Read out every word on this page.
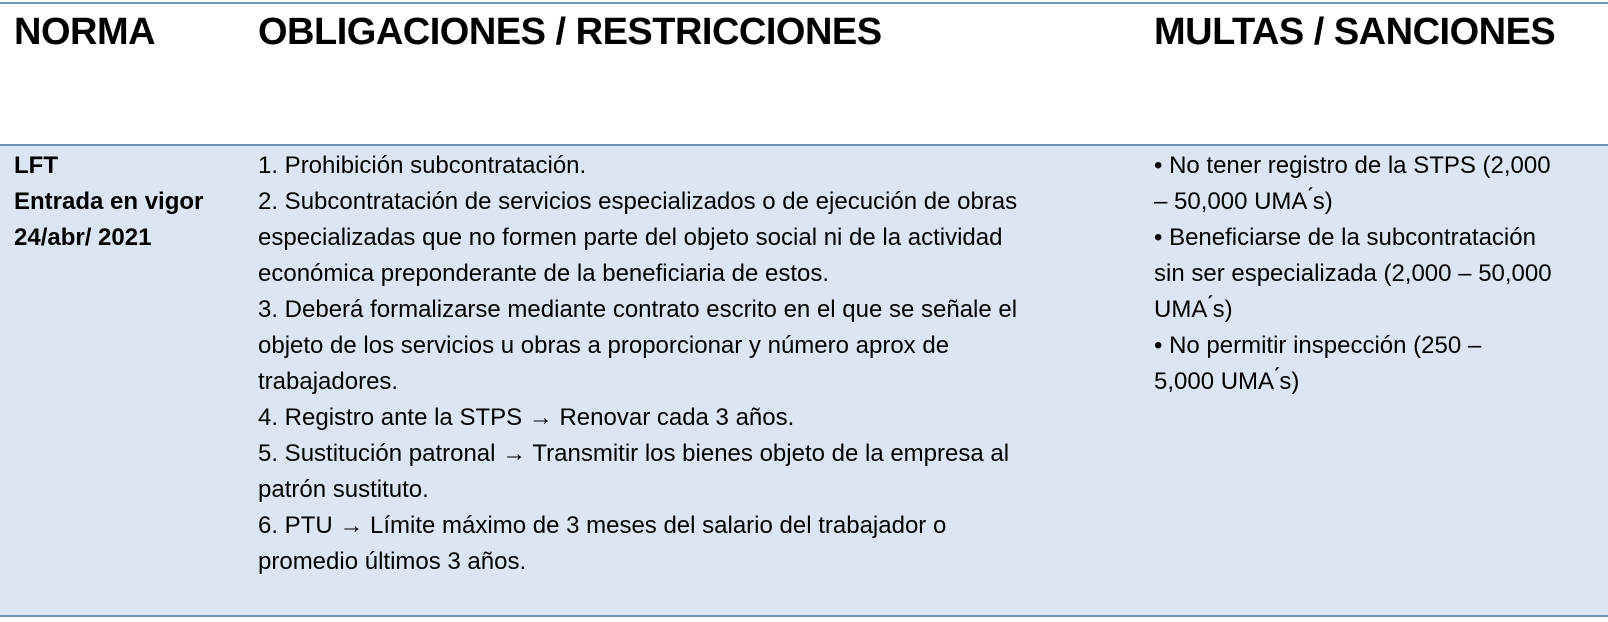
NORMA	OBLIGACIONES / RESTRICCIONES	MULTAS / SANCIONES
LFT
Entrada en vigor
24/abr/ 2021
1. Prohibición subcontratación.
2. Subcontratación de servicios especializados o de ejecución de obras
especializadas que no formen parte del objeto social ni de la actividad
económica preponderante de la beneficiaria de estos.
3. Deberá formalizarse mediante contrato escrito en el que se señale el
objeto de los servicios u obras a proporcionar y número aprox de
trabajadores.
4. Registro ante la STPS → Renovar cada 3 años.
5. Sustitución patronal → Transmitir los bienes objeto de la empresa al
patrón sustituto.
6. PTU → Límite máximo de 3 meses del salario del trabajador o
promedio últimos 3 años.
• No tener registro de la STPS (2,000
– 50,000 UMA ́s)
• Beneficiarse de la subcontratación
sin ser especializada (2,000 – 50,000
UMA ́s)
• No permitir inspección (250 –
5,000 UMA ́s)
